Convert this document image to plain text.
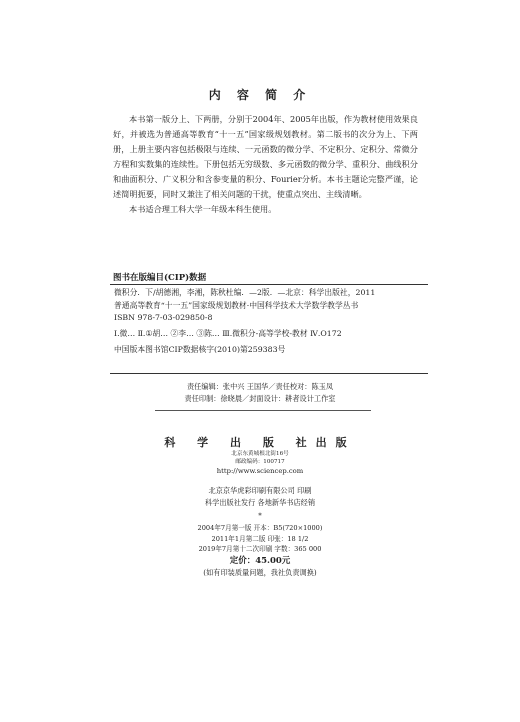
内 容 简 介

本书第一版分上、下两册，分别于2004年、2005年出版，作为教材使用效果良好，并被选为普通高等教育“十一五”国家级规划教材。第二版书的次分为上、下两册，上册主要内容包括极限与连续、一元函数的微分学、不定积分、定积分、常微分方程和实数集的连续性。下册包括无穷级数、多元函数的微分学、重积分、曲线积分和曲面积分、广义积分和含参变量的积分、Fourier分析。本书主题论完整严谨，论述简明扼要，同时又兼注了相关问题的干扰，使重点突出、主线清晰。

本书适合理工科大学一年级本科生使用。

图书在版编目(CIP)数据
微积分．下/胡德湘，李湘，陈秋杜编．—2版．—北京：科学出版社，2011
普通高等教育“十一五”国家级规划教材·中国科学技术大学数学教学丛书
ISBN 978-7-03-029850-8
Ⅰ.微… Ⅱ.①胡… ②李… ③陈… Ⅲ.微积分-高等学校-教材 Ⅳ.O172
中国版本图书馆CIP数据核字(2010)第259383号
责任编辑：张中兴 王国华／责任校对：陈玉凤
责任印制：徐晓晨／封面设计：耕者设计工作室
科 学 出 版 社出版
北京东黄城根北街16号
邮政编码：100717
http://www.sciencep.com
北京京华虎彩印刷有限公司 印刷
科学出版社发行 各地新华书店经销
*
2004年7月第一版 开本：B5(720×1000)
2011年1月第二版 印张：18 1/2
2019年7月第十二次印刷 字数：365 000
定价：45.00元
(如有印装质量问题，我社负责调换)
